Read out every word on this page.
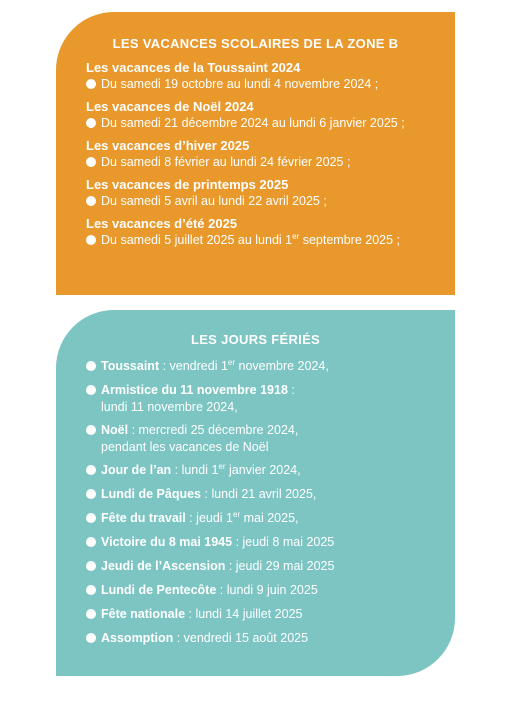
LES VACANCES SCOLAIRES DE LA ZONE B
Les vacances de la Toussaint 2024
Du samedi 19 octobre au lundi 4 novembre 2024 ;
Les vacances de Noël 2024
Du samedi 21 décembre 2024 au lundi 6 janvier 2025 ;
Les vacances d’hiver 2025
Du samedi 8 février au lundi 24 février 2025 ;
Les vacances de printemps 2025
Du samedi 5 avril au lundi 22 avril 2025 ;
Les vacances d’été 2025
Du samedi 5 juillet 2025 au lundi 1er septembre 2025 ;
LES JOURS FÉRIÉS
Toussaint : vendredi 1er novembre 2024,
Armistice du 11 novembre 1918 :
lundi 11 novembre 2024,
Noël : mercredi 25 décembre 2024,
pendant les vacances de Noël
Jour de l’an : lundi 1er janvier 2024,
Lundi de Pâques : lundi 21 avril 2025,
Fête du travail : jeudi 1er mai 2025,
Victoire du 8 mai 1945 : jeudi 8 mai 2025
Jeudi de l’Ascension : jeudi 29 mai 2025
Lundi de Pentecôte : lundi 9 juin 2025
Fête nationale : lundi 14 juillet 2025
Assomption : vendredi 15 août 2025
